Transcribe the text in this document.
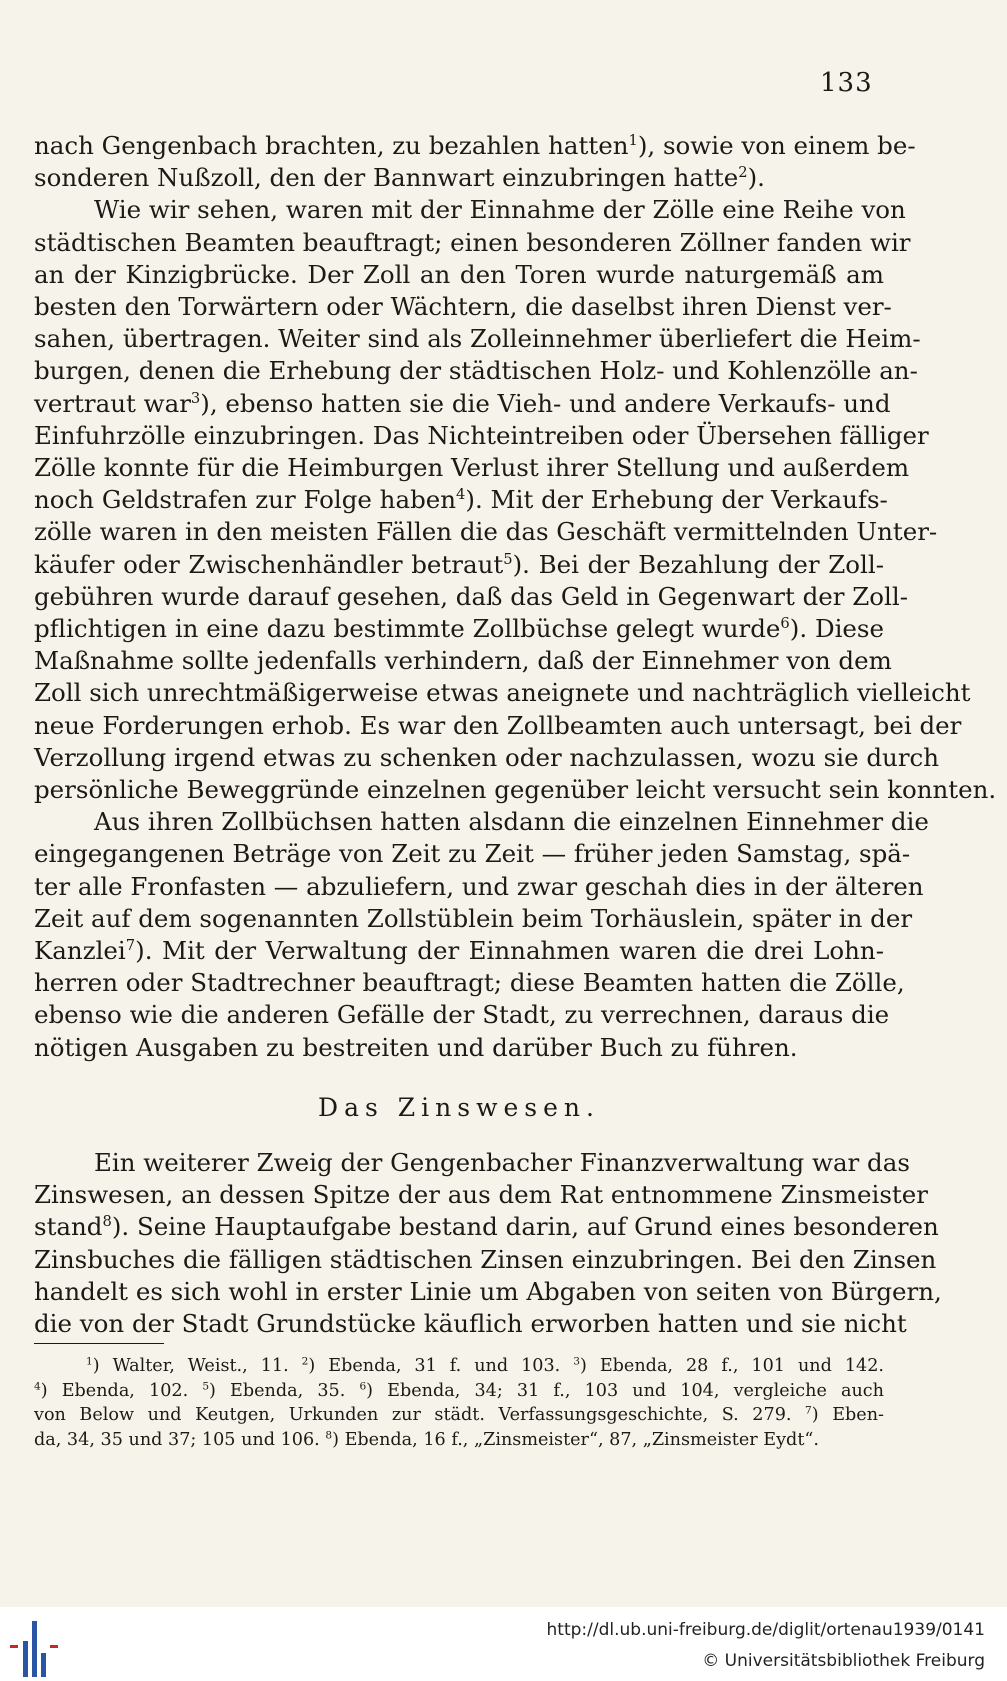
133
nach Gengenbach brachten, zu bezahlen hatten$^1$), sowie von einem be-
sonderen Nußzoll, den der Bannwart einzubringen hatte$^2$).
Wie wir sehen, waren mit der Einnahme der Zölle eine Reihe von
städtischen Beamten beauftragt; einen besonderen Zöllner fanden wir
an der Kinzigbrücke. Der Zoll an den Toren wurde naturgemäß am
besten den Torwärtern oder Wächtern, die daselbst ihren Dienst ver-
sahen, übertragen. Weiter sind als Zolleinnehmer überliefert die Heim-
burgen, denen die Erhebung der städtischen Holz- und Kohlenzölle an-
vertraut war$^3$), ebenso hatten sie die Vieh- und andere Verkaufs- und
Einfuhrzölle einzubringen. Das Nichteintreiben oder Übersehen fälliger
Zölle konnte für die Heimburgen Verlust ihrer Stellung und außerdem
noch Geldstrafen zur Folge haben$^4$). Mit der Erhebung der Verkaufs-
zölle waren in den meisten Fällen die das Geschäft vermittelnden Unter-
käufer oder Zwischenhändler betraut$^5$). Bei der Bezahlung der Zoll-
gebühren wurde darauf gesehen, daß das Geld in Gegenwart der Zoll-
pflichtigen in eine dazu bestimmte Zollbüchse gelegt wurde$^6$). Diese
Maßnahme sollte jedenfalls verhindern, daß der Einnehmer von dem
Zoll sich unrechtmäßigerweise etwas aneignete und nachträglich vielleicht
neue Forderungen erhob. Es war den Zollbeamten auch untersagt, bei der
Verzollung irgend etwas zu schenken oder nachzulassen, wozu sie durch
persönliche Beweggründe einzelnen gegenüber leicht versucht sein konnten.
Aus ihren Zollbüchsen hatten alsdann die einzelnen Einnehmer die
eingegangenen Beträge von Zeit zu Zeit — früher jeden Samstag, spä-
ter alle Fronfasten — abzuliefern, und zwar geschah dies in der älteren
Zeit auf dem sogenannten Zollstüblein beim Torhäuslein, später in der
Kanzlei$^7$). Mit der Verwaltung der Einnahmen waren die drei Lohn-
herren oder Stadtrechner beauftragt; diese Beamten hatten die Zölle,
ebenso wie die anderen Gefälle der Stadt, zu verrechnen, daraus die
nötigen Ausgaben zu bestreiten und darüber Buch zu führen.
Das Zinswesen.
Ein weiterer Zweig der Gengenbacher Finanzverwaltung war das
Zinswesen, an dessen Spitze der aus dem Rat entnommene Zinsmeister
stand$^8$). Seine Hauptaufgabe bestand darin, auf Grund eines besonderen
Zinsbuches die fälligen städtischen Zinsen einzubringen. Bei den Zinsen
handelt es sich wohl in erster Linie um Abgaben von seiten von Bürgern,
die von der Stadt Grundstücke käuflich erworben hatten und sie nicht
$^1$) Walter, Weist., 11. $^2$) Ebenda, 31 f. und 103. $^3$) Ebenda, 28 f., 101 und 142.
$^4$) Ebenda, 102. $^5$) Ebenda, 35. $^6$) Ebenda, 34; 31 f., 103 und 104, vergleiche auch
von Below und Keutgen, Urkunden zur städt. Verfassungsgeschichte, S. 279. $^7$) Eben-
da, 34, 35 und 37; 105 und 106. $^8$) Ebenda, 16 f., „Zinsmeister“, 87, „Zinsmeister Eydt“.
http://dl.ub.uni-freiburg.de/diglit/ortenau1939/0141
© Universitätsbibliothek Freiburg
